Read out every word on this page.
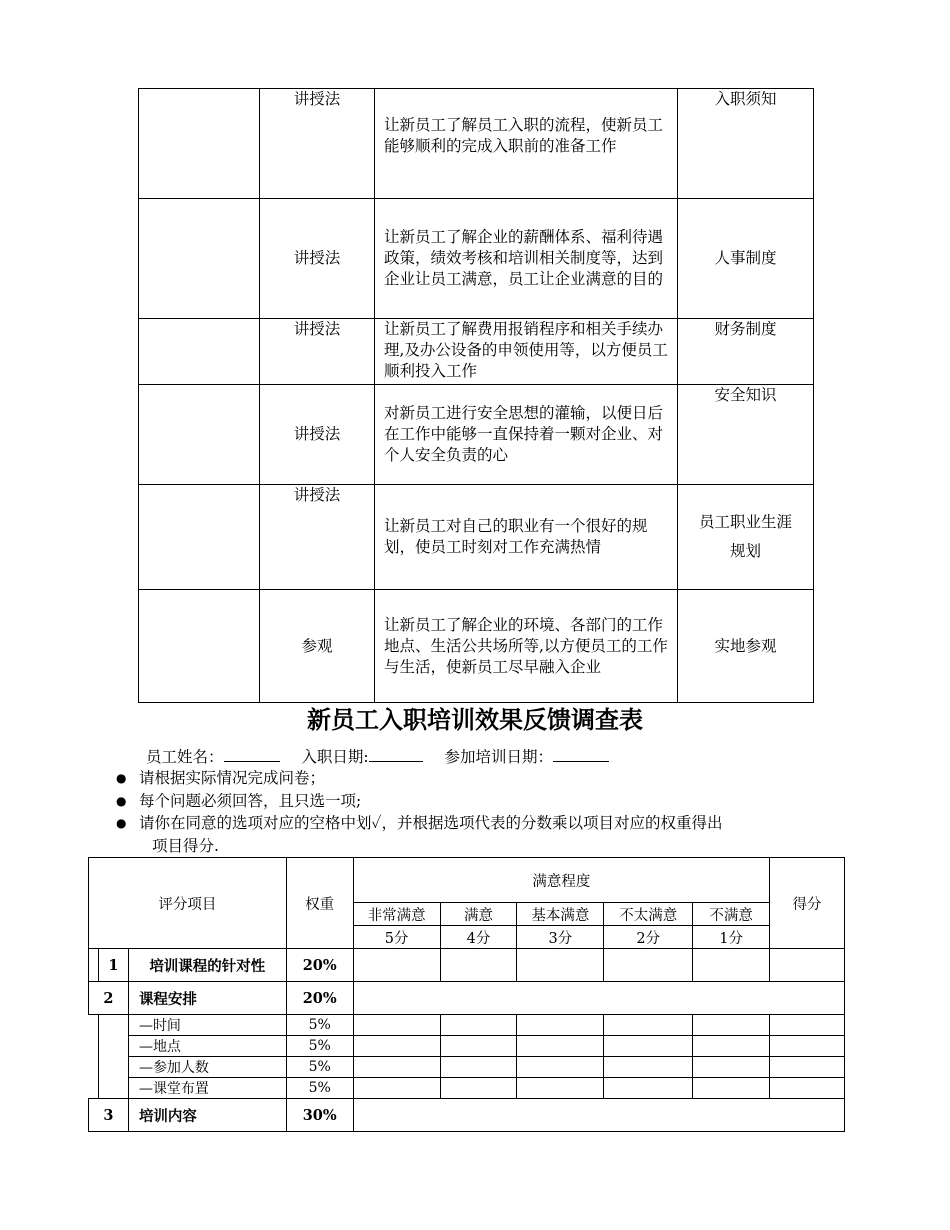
	讲授法	让新员工了解员工入职的流程，使新员工能够顺利的完成入职前的准备工作	入职须知
	讲授法	让新员工了解企业的薪酬体系、福利待遇政策，绩效考核和培训相关制度等，达到企业让员工满意，员工让企业满意的目的	人事制度
	讲授法	让新员工了解费用报销程序和相关手续办理,及办公设备的申领使用等，以方便员工顺利投入工作	财务制度
	讲授法	对新员工进行安全思想的灌输，以便日后在工作中能够一直保持着一颗对企业、对个人安全负责的心	安全知识
	讲授法	让新员工对自己的职业有一个很好的规划，使员工时刻对工作充满热情	员工职业生涯规划
	参观	让新员工了解企业的环境、各部门的工作地点、生活公共场所等,以方便员工的工作与生活，使新员工尽早融入企业	实地参观
新员工入职培训效果反馈调查表
员工姓名：	入职日期:	参加培训日期：
● 请根据实际情况完成问卷；
● 每个问题必须回答，且只选一项;
● 请你在同意的选项对应的空格中划✓，并根据选项代表的分数乘以项目对应的权重得出
项目得分.
评分项目			权重	满意程度					得分
				非常满意	满意	基本满意	不太满意	不满意	
				5分	4分	3分	2分	1分	
	1	培训课程的针对性	20%						
2		课程安排	20%						
		—时间	5%						
		—地点	5%						
		—参加人数	5%						
		—课堂布置	5%						
3		培训内容	30%						
